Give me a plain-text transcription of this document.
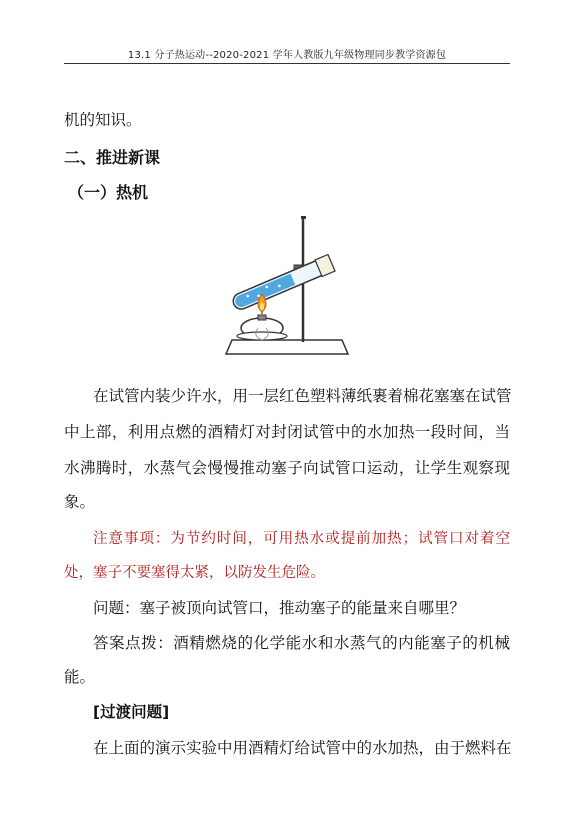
13.1 分子热运动--2020-2021 学年人教版九年级物理同步教学资源包
机的知识。
二、推进新课
（一）热机
在试管内装少许水，用一层红色塑料薄纸裹着棉花塞塞在试管
中上部，利用点燃的酒精灯对封闭试管中的水加热一段时间，当
水沸腾时，水蒸气会慢慢推动塞子向试管口运动，让学生观察现
象。
注意事项：为节约时间，可用热水或提前加热；试管口对着空
处，塞子不要塞得太紧，以防发生危险。
问题：塞子被顶向试管口，推动塞子的能量来自哪里？
答案点拨：酒精燃烧的化学能水和水蒸气的内能塞子的机械
能。
[过渡问题]
在上面的演示实验中用酒精灯给试管中的水加热，由于燃料在
